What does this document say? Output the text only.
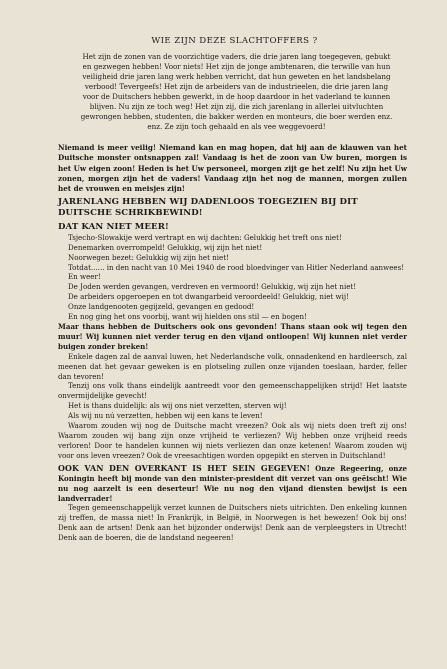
WIE ZIJN DEZE SLACHTOFFERS ?
Het zijn de zonen van de voorzichtige vaders, die drie jaren lang toegegeven, gebukt en gezwegen hebben! Voor niets! Het zijn de jonge ambtenaren, die terwille van hun veiligheid drie jaren lang werk hebben verricht, dat hun geweten en het landsbelang verbood! Tevergeefs! Het zijn de arbeiders van de industrieelen, die drie jaren lang voor de Duitschers hebben gewerkt, in de hoop daardoor in het vaderland te kunnen blijven. Nu zijn ze toch weg! Het zijn zij, die zich jarenlang in allerlei uitvluchten gewrongen hebben, studenten, die bakker werden en monteurs, die boer werden enz. enz. Ze zijn toch gehaald en als vee weggevoerd!
Niemand is meer veilig! Niemand kan en mag hopen, dat hij aan de klauwen van het Duitsche monster ontsnappen zal! Vandaag is het de zoon van Uw buren, morgen is het Uw eigen zoon! Heden is het Uw personeel, morgen zijt ge het zelf! Nu zijn het Uw zonen, morgen zijn het de vaders! Vandaag zijn het nog de mannen, morgen zullen het de vrouwen en meisjes zijn!
JARENLANG HEBBEN WIJ DADENLOOS TOEGEZIEN BIJ DIT DUITSCHE SCHRIKBEWIND!
DAT KAN NIET MEER!

Tsjecho-Slowakije werd vertrapt en wij dachten: Gelukkig het treft ons niet!

Denemarken overrompeld! Gelukkig, wij zijn het niet!

Noorwegen bezet: Gelukkig wij zijn het niet!

Totdat...... in den nacht van 10 Mei 1940 de rood bloedvinger van Hitler Nederland aanwees!

En weer!

De Joden werden gevangen, verdreven en vermoord! Gelukkig, wij zijn het niet!

De arbeiders opgeroepen en tot dwangarbeid veroordeeld! Gelukkig, niet wij!

Onze landgenooten gegijzeld, gevangen en gedood!

En nog ging het ons voorbij, want wij hielden ons stil — en bogen!

Maar thans hebben de Duitschers ook ons gevonden! Thans staan ook wij tegen den muur! Wij kunnen niet verder terug en den vijand ontloopen! Wij kunnen niet verder buigen zonder breken!

Enkele dagen zal de aanval luwen, het Nederlandsche volk, onnadenkend en hardleersch, zal meenen dat het gevaar geweken is en plotseling zullen onze vijanden toeslaan, harder, feller dan tevoren!

Tenzij ons volk thans eindelijk aantreedt voor den gemeenschappelijken strijd! Het laatste onvermijdelijke gevecht!

Het is thans duidelijk: als wij ons niet verzetten, sterven wij!

Als wij nu nú verzetten, hebben wij een kans te leven!

Waarom zouden wij nog de Duitsche macht vreezen? Ook als wij niets doen treft zij ons! Waarom zouden wij bang zijn onze vrijheid te verliezen? Wij hebben onze vrijheid reeds verloren! Door te handelen kunnen wij niets verliezen dan onze ketenen! Waarom zouden wij voor ons leven vreezen? Ook de vreesachtigen worden opgepikt en sterven in Duitschland!

OOK VAN DEN OVERKANT IS HET SEIN GEGEVEN! Onze Regeering, onze Koningin heeft bij monde van den minister-president dit verzet van ons geëischt! Wie nu nog aarzelt is een deserteur! Wie nu nog den vijand diensten bewijst is een landverrader!

Tegen gemeenschappelijk verzet kunnen de Duitschers niets uitrichten. Den enkeling kunnen zij treffen, de massa niet! In Frankrijk, in België, in Noorwegen is het bewezen! Ook bij ons! Denk aan de artsen! Denk aan het bijzonder onderwijs! Denk aan de verpleegsters in Utrecht! Denk aan de boeren, die de landstand negeeren!
